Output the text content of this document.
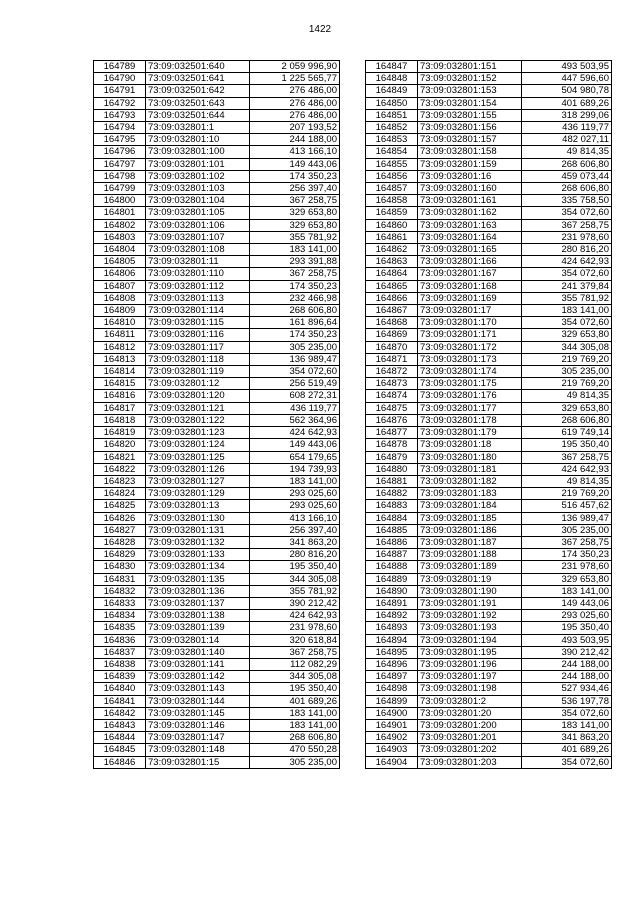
1422
164789	73:09:032501:640	2 059 996,90
164790	73:09:032501:641	1 225 565,77
164791	73:09:032501:642	276 486,00
164792	73:09:032501:643	276 486,00
164793	73:09:032501:644	276 486,00
164794	73:09:032801:1	207 193,52
164795	73:09:032801:10	244 188,00
164796	73:09:032801:100	413 166,10
164797	73:09:032801:101	149 443,06
164798	73:09:032801:102	174 350,23
164799	73:09:032801:103	256 397,40
164800	73:09:032801:104	367 258,75
164801	73:09:032801:105	329 653,80
164802	73:09:032801:106	329 653,80
164803	73:09:032801:107	355 781,92
164804	73:09:032801:108	183 141,00
164805	73:09:032801:11	293 391,88
164806	73:09:032801:110	367 258,75
164807	73:09:032801:112	174 350,23
164808	73:09:032801:113	232 466,98
164809	73:09:032801:114	268 606,80
164810	73:09:032801:115	161 896,64
164811	73:09:032801:116	174 350,23
164812	73:09:032801:117	305 235,00
164813	73:09:032801:118	136 989,47
164814	73:09:032801:119	354 072,60
164815	73:09:032801:12	256 519,49
164816	73:09:032801:120	608 272,31
164817	73:09:032801:121	436 119,77
164818	73:09:032801:122	562 364,96
164819	73:09:032801:123	424 642,93
164820	73:09:032801:124	149 443,06
164821	73:09:032801:125	654 179,65
164822	73:09:032801:126	194 739,93
164823	73:09:032801:127	183 141,00
164824	73:09:032801:129	293 025,60
164825	73:09:032801:13	293 025,60
164826	73:09:032801:130	413 166,10
164827	73:09:032801:131	256 397,40
164828	73:09:032801:132	341 863,20
164829	73:09:032801:133	280 816,20
164830	73:09:032801:134	195 350,40
164831	73:09:032801:135	344 305,08
164832	73:09:032801:136	355 781,92
164833	73:09:032801:137	390 212,42
164834	73:09:032801:138	424 642,93
164835	73:09:032801:139	231 978,60
164836	73:09:032801:14	320 618,84
164837	73:09:032801:140	367 258,75
164838	73:09:032801:141	112 082,29
164839	73:09:032801:142	344 305,08
164840	73:09:032801:143	195 350,40
164841	73:09:032801:144	401 689,26
164842	73:09:032801:145	183 141,00
164843	73:09:032801:146	183 141,00
164844	73:09:032801:147	268 606,80
164845	73:09:032801:148	470 550,28
164846	73:09:032801:15	305 235,00
164847	73:09:032801:151	493 503,95
164848	73:09:032801:152	447 596,60
164849	73:09:032801:153	504 980,78
164850	73:09:032801:154	401 689,26
164851	73:09:032801:155	318 299,06
164852	73:09:032801:156	436 119,77
164853	73:09:032801:157	482 027,11
164854	73:09:032801:158	49 814,35
164855	73:09:032801:159	268 606,80
164856	73:09:032801:16	459 073,44
164857	73:09:032801:160	268 606,80
164858	73:09:032801:161	335 758,50
164859	73:09:032801:162	354 072,60
164860	73:09:032801:163	367 258,75
164861	73:09:032801:164	231 978,60
164862	73:09:032801:165	280 816,20
164863	73:09:032801:166	424 642,93
164864	73:09:032801:167	354 072,60
164865	73:09:032801:168	241 379,84
164866	73:09:032801:169	355 781,92
164867	73:09:032801:17	183 141,00
164868	73:09:032801:170	354 072,60
164869	73:09:032801:171	329 653,80
164870	73:09:032801:172	344 305,08
164871	73:09:032801:173	219 769,20
164872	73:09:032801:174	305 235,00
164873	73:09:032801:175	219 769,20
164874	73:09:032801:176	49 814,35
164875	73:09:032801:177	329 653,80
164876	73:09:032801:178	268 606,80
164877	73:09:032801:179	619 749,14
164878	73:09:032801:18	195 350,40
164879	73:09:032801:180	367 258,75
164880	73:09:032801:181	424 642,93
164881	73:09:032801:182	49 814,35
164882	73:09:032801:183	219 769,20
164883	73:09:032801:184	516 457,62
164884	73:09:032801:185	136 989,47
164885	73:09:032801:186	305 235,00
164886	73:09:032801:187	367 258,75
164887	73:09:032801:188	174 350,23
164888	73:09:032801:189	231 978,60
164889	73:09:032801:19	329 653,80
164890	73:09:032801:190	183 141,00
164891	73:09:032801:191	149 443,06
164892	73:09:032801:192	293 025,60
164893	73:09:032801:193	195 350,40
164894	73:09:032801:194	493 503,95
164895	73:09:032801:195	390 212,42
164896	73:09:032801:196	244 188,00
164897	73:09:032801:197	244 188,00
164898	73:09:032801:198	527 934,46
164899	73:09:032801:2	536 197,78
164900	73:09:032801:20	354 072,60
164901	73:09:032801:200	183 141,00
164902	73:09:032801:201	341 863,20
164903	73:09:032801:202	401 689,26
164904	73:09:032801:203	354 072,60
